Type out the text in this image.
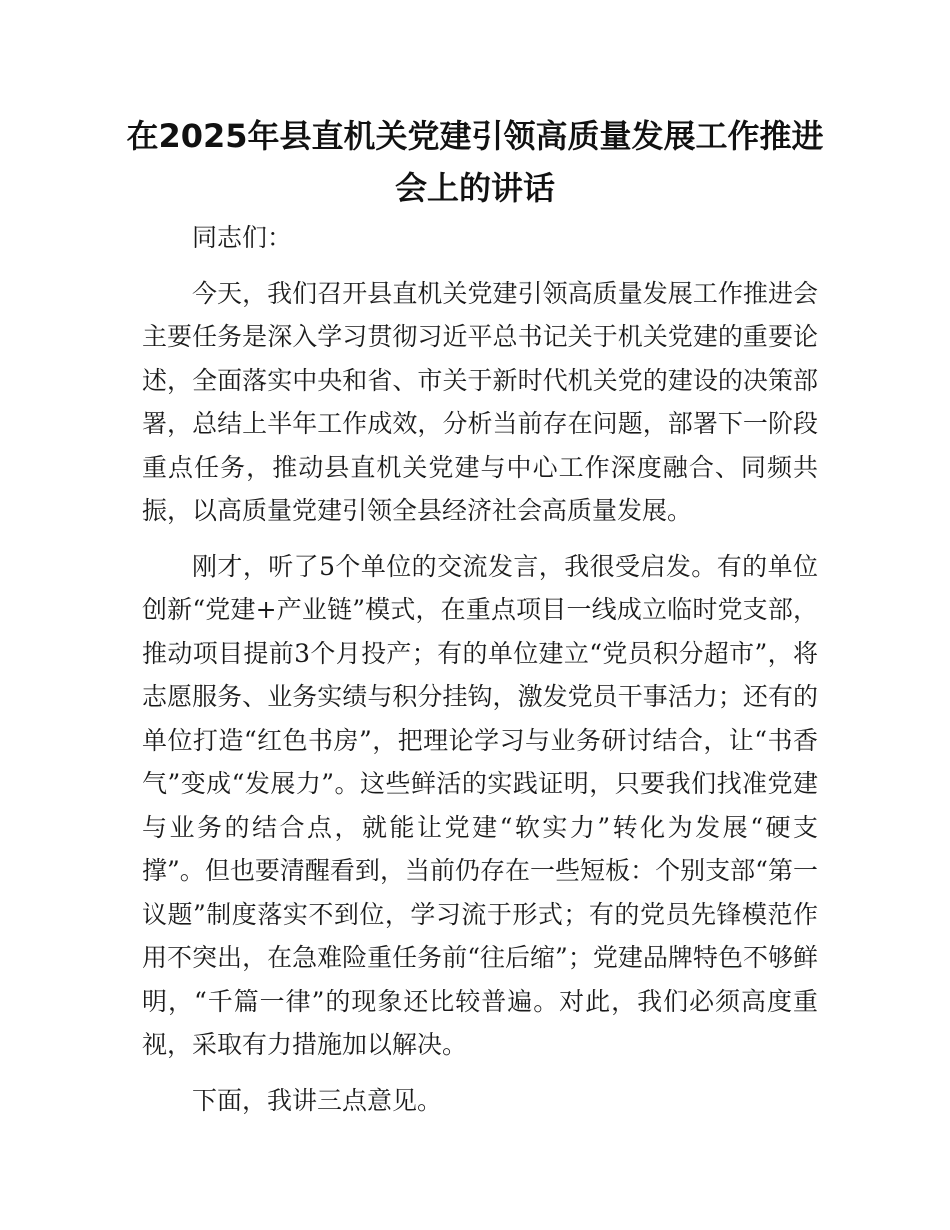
在2025年县直机关党建引领高质量发展工作推进会上的讲话

同志们：

今天，我们召开县直机关党建引领高质量发展工作推进会主要任务是深入学习贯彻习近平总书记关于机关党建的重要论述，全面落实中央和省、市关于新时代机关党的建设的决策部署，总结上半年工作成效，分析当前存在问题，部署下一阶段重点任务，推动县直机关党建与中心工作深度融合、同频共振，以高质量党建引领全县经济社会高质量发展。

刚才，听了5个单位的交流发言，我很受启发。有的单位创新“党建+产业链”模式，在重点项目一线成立临时党支部，推动项目提前3个月投产；有的单位建立“党员积分超市”，将志愿服务、业务实绩与积分挂钩，激发党员干事活力；还有的单位打造“红色书房”，把理论学习与业务研讨结合，让“书香气”变成“发展力”。这些鲜活的实践证明，只要我们找准党建与业务的结合点，就能让党建“软实力”转化为发展“硬支撑”。但也要清醒看到，当前仍存在一些短板：个别支部“第一议题”制度落实不到位，学习流于形式；有的党员先锋模范作用不突出，在急难险重任务前“往后缩”；党建品牌特色不够鲜明，“千篇一律”的现象还比较普遍。对此，我们必须高度重视，采取有力措施加以解决。

下面，我讲三点意见。
